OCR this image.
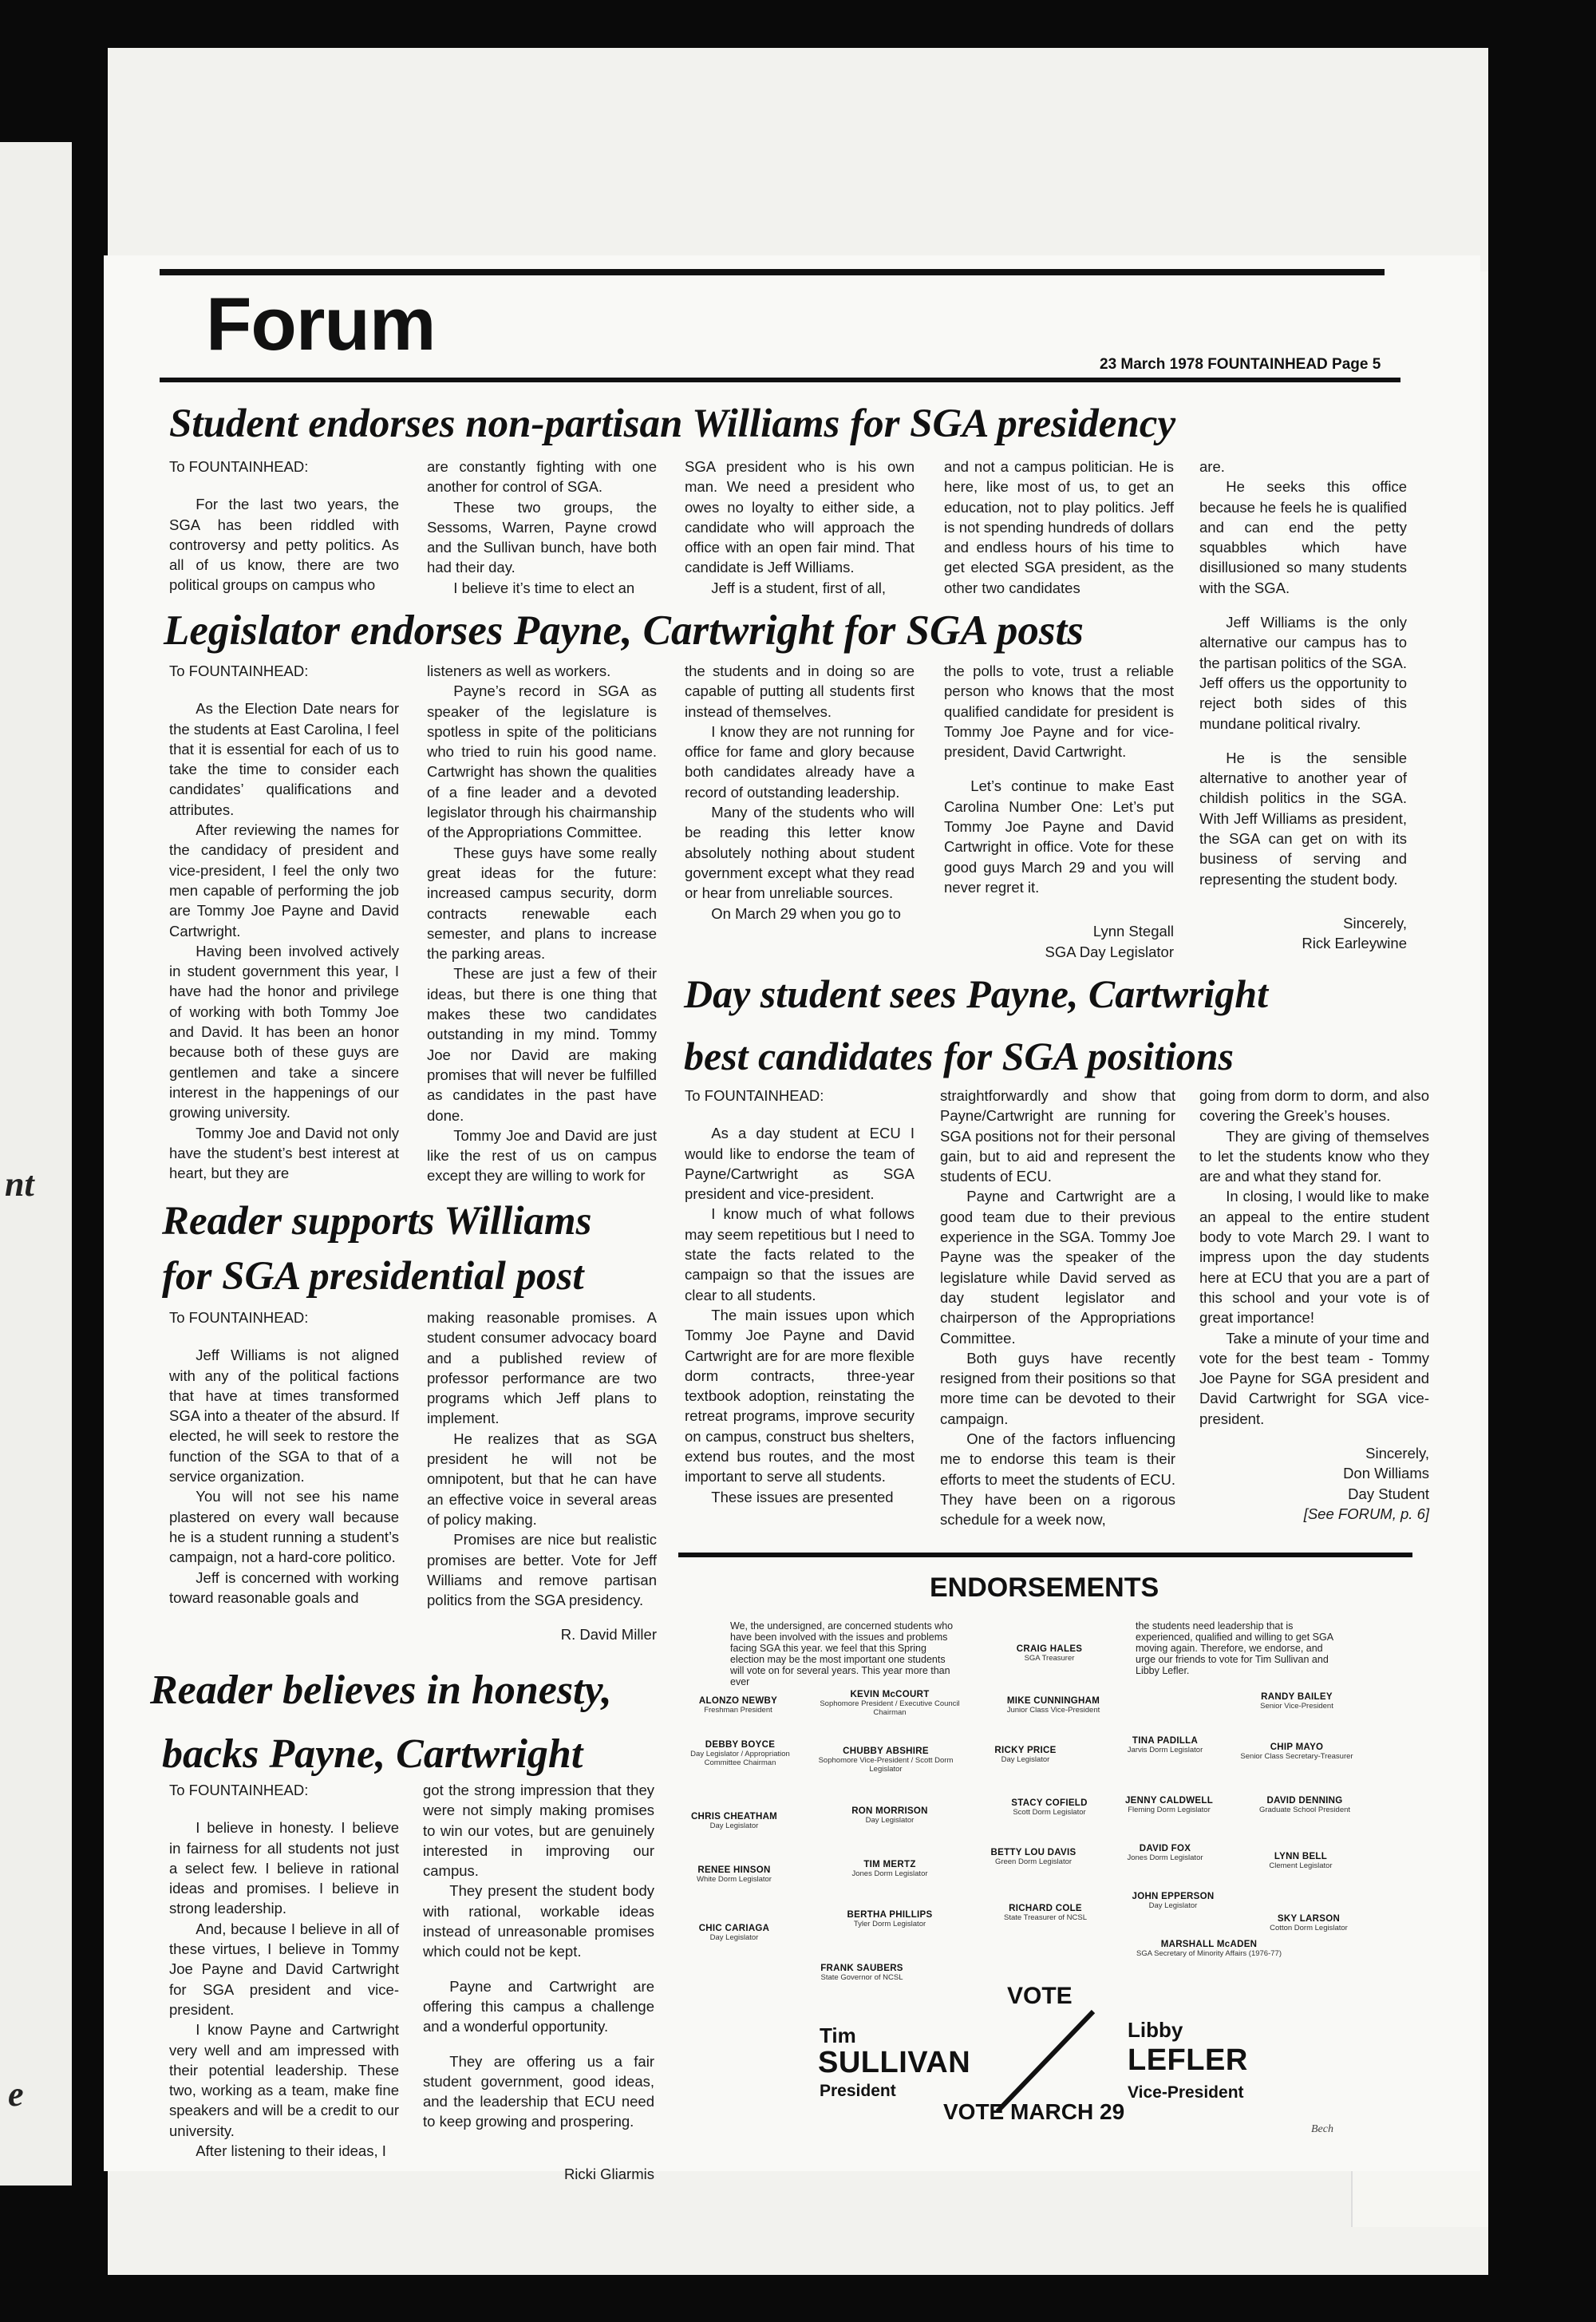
nt
e
Forum	23 March 1978 FOUNTAINHEAD Page 5

Student endorses non-partisan Williams for SGA presidency

To FOUNTAINHEAD:

For the last two years, the SGA has been riddled with controversy and petty politics. As all of us know, there are two political groups on campus who

are constantly fighting with one another for control of SGA.

These two groups, the Sessoms, Warren, Payne crowd and the Sullivan bunch, have both had their day.

I believe it’s time to elect an

SGA president who is his own man. We need a president who owes no loyalty to either side, a candidate who will approach the office with an open fair mind. That candidate is Jeff Williams.

Jeff is a student, first of all,

and not a campus politician. He is here, like most of us, to get an education, not to play politics. Jeff is not spending hundreds of dollars and endless hours of his time to get elected SGA president, as the other two candidates

are.

He seeks this office because he feels he is qualified and can end the petty squabbles which have disillusioned so many students with the SGA.

Jeff Williams is the only alternative our campus has to the partisan politics of the SGA. Jeff offers us the opportunity to reject both sides of this mundane political rivalry.

He is the sensible alternative to another year of childish politics in the SGA. With Jeff Williams as president, the SGA can get on with its business of serving and representing the student body.

Sincerely,

Rick Earleywine

Legislator endorses Payne, Cartwright for SGA posts

To FOUNTAINHEAD:

As the Election Date nears for the students at East Carolina, I feel that it is essential for each of us to take the time to consider each candidates’ qualifications and attributes.

After reviewing the names for the candidacy of president and vice-president, I feel the only two men capable of performing the job are Tommy Joe Payne and David Cartwright.

Having been involved actively in student government this year, I have had the honor and privilege of working with both Tommy Joe and David. It has been an honor because both of these guys are gentlemen and take a sincere interest in the happenings of our growing university.

Tommy Joe and David not only have the student’s best interest at heart, but they are

listeners as well as workers.

Payne’s record in SGA as speaker of the legislature is spotless in spite of the politicians who tried to ruin his good name. Cartwright has shown the qualities of a fine leader and a devoted legislator through his chairmanship of the Appropriations Committee.

These guys have some really great ideas for the future: increased campus security, dorm contracts renewable each semester, and plans to increase the parking areas.

These are just a few of their ideas, but there is one thing that makes these two candidates outstanding in my mind. Tommy Joe nor David are making promises that will never be fulfilled as candidates in the past have done.

Tommy Joe and David are just like the rest of us on campus except they are willing to work for

the students and in doing so are capable of putting all students first instead of themselves.

I know they are not running for office for fame and glory because both candidates already have a record of outstanding leadership.

Many of the students who will be reading this letter know absolutely nothing about student government except what they read or hear from unreliable sources.

On March 29 when you go to

the polls to vote, trust a reliable person who knows that the most qualified candidate for president is Tommy Joe Payne and for vice-president, David Cartwright.

Let’s continue to make East Carolina Number One: Let’s put Tommy Joe Payne and David Cartwright in office. Vote for these good guys March 29 and you will never regret it.

Lynn Stegall

SGA Day Legislator

Day student sees Payne, Cartwright
best candidates for SGA positions

To FOUNTAINHEAD:

As a day student at ECU I would like to endorse the team of Payne/Cartwright as SGA president and vice-president.

I know much of what follows may seem repetitious but I need to state the facts related to the campaign so that the issues are clear to all students.

The main issues upon which Tommy Joe Payne and David Cartwright are for are more flexible dorm contracts, three-year textbook adoption, reinstating the retreat programs, improve security on campus, construct bus shelters, extend bus routes, and the most important to serve all students.

These issues are presented

straightforwardly and show that Payne/Cartwright are running for SGA positions not for their personal gain, but to aid and represent the students of ECU.

Payne and Cartwright are a good team due to their previous experience in the SGA. Tommy Joe Payne was the speaker of the legislature while David served as day student legislator and chairperson of the Appropriations Committee.

Both guys have recently resigned from their positions so that more time can be devoted to their campaign.

One of the factors influencing me to endorse this team is their efforts to meet the students of ECU. They have been on a rigorous schedule for a week now,

going from dorm to dorm, and also covering the Greek’s houses.

They are giving of themselves to let the students know who they are and what they stand for.

In closing, I would like to make an appeal to the entire student body to vote March 29. I want to impress upon the day students here at ECU that you are a part of this school and your vote is of great importance!

Take a minute of your time and vote for the best team - Tommy Joe Payne for SGA president and David Cartwright for SGA vice-president.

Sincerely,

Don Williams

Day Student

[See FORUM, p. 6]

Reader supports Williams
for SGA presidential post

To FOUNTAINHEAD:

Jeff Williams is not aligned with any of the political factions that have at times transformed SGA into a theater of the absurd. If elected, he will seek to restore the function of the SGA to that of a service organization.

You will not see his name plastered on every wall because he is a student running a student’s campaign, not a hard-core politico.

Jeff is concerned with working toward reasonable goals and

making reasonable promises. A student consumer advocacy board and a published review of professor performance are two programs which Jeff plans to implement.

He realizes that as SGA president he will not be omnipotent, but that he can have an effective voice in several areas of policy making.

Promises are nice but realistic promises are better. Vote for Jeff Williams and remove partisan politics from the SGA presidency.

R. David Miller

Reader believes in honesty,
backs Payne, Cartwright

To FOUNTAINHEAD:

I believe in honesty. I believe in fairness for all students not just a select few. I believe in rational ideas and promises. I believe in strong leadership.

And, because I believe in all of these virtues, I believe in Tommy Joe Payne and David Cartwright for SGA president and vice-president.

I know Payne and Cartwright very well and am impressed with their potential leadership. These two, working as a team, make fine speakers and will be a credit to our university.

After listening to their ideas, I

got the strong impression that they were not simply making promises to win our votes, but are genuinely interested in improving our campus.

They present the student body with rational, workable ideas instead of unreasonable promises which could not be kept.

Payne and Cartwright are offering this campus a challenge and a wonderful opportunity.

They are offering us a fair student government, good ideas, and the leadership that ECU need to keep growing and prospering.

Ricki Gliarmis

ENDORSEMENTS
We, the undersigned, are concerned students who have been involved with the issues and problems facing SGA this year. we feel that this Spring election may be the most important one students will vote on for several years. This year more than ever
the students need leadership that is experienced, qualified and willing to get SGA moving again. Therefore, we endorse, and urge our friends to vote for Tim Sullivan and Libby Lefler.
ALONZO NEWBY
Freshman President
KEVIN McCOURT
Sophomore President / Executive Council Chairman
CRAIG HALES
SGA Treasurer
MIKE CUNNINGHAM
Junior Class Vice-President
RANDY BAILEY
Senior Vice-President
DEBBY BOYCE
Day Legislator / Appropriation Committee Chairman
CHUBBY ABSHIRE
Sophomore Vice-President / Scott Dorm Legislator
RICKY PRICE
Day Legislator
TINA PADILLA
Jarvis Dorm Legislator	CHIP MAYO
Senior Class Secretary-Treasurer
CHRIS CHEATHAM
Day Legislator
RON MORRISON
Day Legislator
STACY COFIELD
Scott Dorm Legislator
JENNY CALDWELL
Fleming Dorm Legislator
DAVID DENNING
Graduate School President
RENEE HINSON
White Dorm Legislator
TIM MERTZ
Jones Dorm Legislator
BETTY LOU DAVIS
Green Dorm Legislator
DAVID FOX
Jones Dorm Legislator	LYNN BELL
Clement Legislator
CHIC CARIAGA
Day Legislator
BERTHA PHILLIPS
Tyler Dorm Legislator
RICHARD COLE
State Treasurer of NCSL
JOHN EPPERSON
Day Legislator
SKY LARSON
Cotton Dorm Legislator
MARSHALL McADEN
SGA Secretary of Minority Affairs (1976-77)
FRANK SAUBERS
State Governor of NCSL

VOTE

Tim
SULLIVAN
President
Libby
LEFLER
Vice-President

VOTE MARCH 29

Bech
